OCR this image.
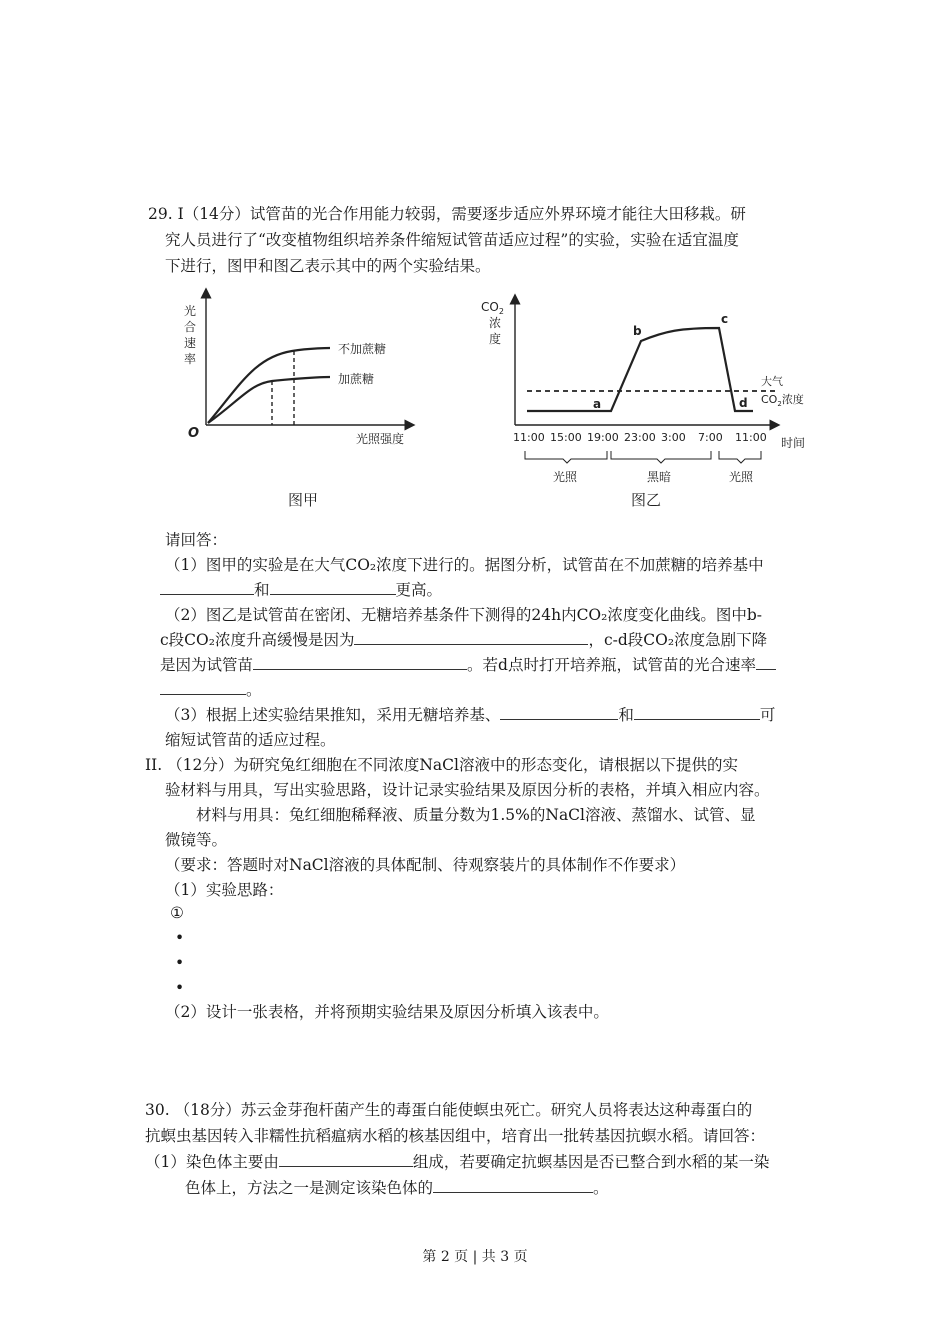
29. I（14分）试管苗的光合作用能力较弱，需要逐步适应外界环境才能往大田移栽。研
究人员进行了“改变植物组织培养条件缩短试管苗适应过程”的实验，实验在适宜温度
下进行，图甲和图乙表示其中的两个实验结果。
光
合
速
率
O	光照强度
不加蔗糖
加蔗糖
图甲
$CO_2$
浓
度
a
b
c
d
大气
$CO_2$浓度
11:00 15:00 19:00 23:00 3:00 7:00 11:00 时间
光照	黑暗	光照
图乙
请回答：
（1）图甲的实验是在大气CO₂浓度下进行的。据图分析，试管苗在不加蔗糖的培养基中
和	更高。
（2）图乙是试管苗在密闭、无糖培养基条件下测得的24h内CO₂浓度变化曲线。图中b-
c段CO₂浓度升高缓慢是因为	，c-d段CO₂浓度急剧下降
是因为试管苗	。若d点时打开培养瓶，试管苗的光合速率
。
（3）根据上述实验结果推知，采用无糖培养基、	和	可
缩短试管苗的适应过程。
II. （12分）为研究兔红细胞在不同浓度NaCl溶液中的形态变化，请根据以下提供的实
验材料与用具，写出实验思路，设计记录实验结果及原因分析的表格，并填入相应内容。
材料与用具：兔红细胞稀释液、质量分数为1.5%的NaCl溶液、蒸馏水、试管、显
微镜等。
（要求：答题时对NaCl溶液的具体配制、待观察装片的具体制作不作要求）
（1）实验思路：
①
•
•
•
（2）设计一张表格，并将预期实验结果及原因分析填入该表中。
30. （18分）苏云金芽孢杆菌产生的毒蛋白能使螟虫死亡。研究人员将表达这种毒蛋白的
抗螟虫基因转入非糯性抗稻瘟病水稻的核基因组中，培育出一批转基因抗螟水稻。请回答：
（1）染色体主要由	组成，若要确定抗螟基因是否已整合到水稻的某一染
色体上，方法之一是测定该染色体的	。
第 2 页 | 共 3 页
